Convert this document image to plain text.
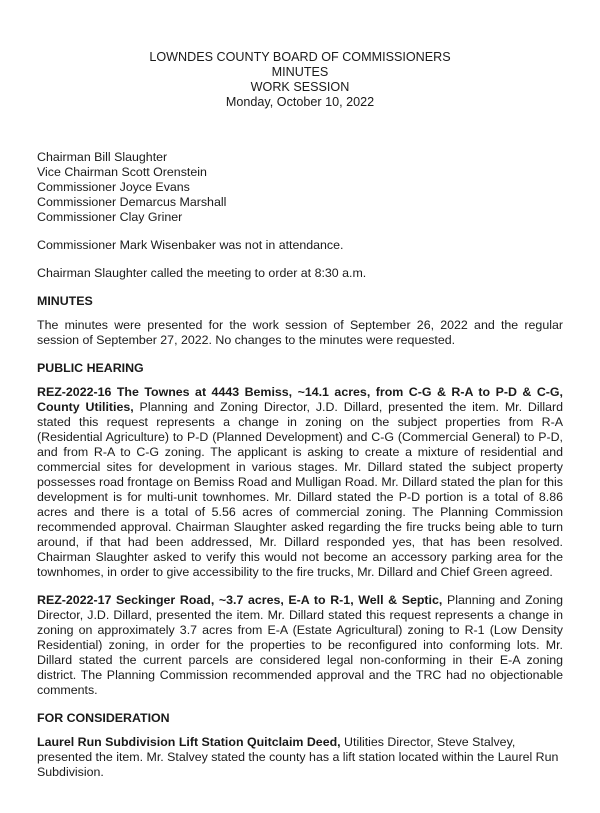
LOWNDES COUNTY BOARD OF COMMISSIONERS
MINUTES
WORK SESSION
Monday, October 10, 2022
Chairman Bill Slaughter
Vice Chairman Scott Orenstein
Commissioner Joyce Evans
Commissioner Demarcus Marshall
Commissioner Clay Griner

Commissioner Mark Wisenbaker was not in attendance.

Chairman Slaughter called the meeting to order at 8:30 a.m.

MINUTES

The minutes were presented for the work session of September 26, 2022 and the regular session of September 27, 2022. No changes to the minutes were requested.

PUBLIC HEARING

REZ-2022-16 The Townes at 4443 Bemiss, ~14.1 acres, from C-G & R-A to P-D & C-G, County Utilities, Planning and Zoning Director, J.D. Dillard, presented the item. Mr. Dillard stated this request represents a change in zoning on the subject properties from R-A (Residential Agriculture) to P-D (Planned Development) and C-G (Commercial General) to P-D, and from R-A to C-G zoning. The applicant is asking to create a mixture of residential and commercial sites for development in various stages. Mr. Dillard stated the subject property possesses road frontage on Bemiss Road and Mulligan Road. Mr. Dillard stated the plan for this development is for multi-unit townhomes. Mr. Dillard stated the P-D portion is a total of 8.86 acres and there is a total of 5.56 acres of commercial zoning. The Planning Commission recommended approval. Chairman Slaughter asked regarding the fire trucks being able to turn around, if that had been addressed, Mr. Dillard responded yes, that has been resolved. Chairman Slaughter asked to verify this would not become an accessory parking area for the townhomes, in order to give accessibility to the fire trucks, Mr. Dillard and Chief Green agreed.

REZ-2022-17 Seckinger Road, ~3.7 acres, E-A to R-1, Well & Septic, Planning and Zoning Director, J.D. Dillard, presented the item. Mr. Dillard stated this request represents a change in zoning on approximately 3.7 acres from E-A (Estate Agricultural) zoning to R-1 (Low Density Residential) zoning, in order for the properties to be reconfigured into conforming lots. Mr. Dillard stated the current parcels are considered legal non-conforming in their E-A zoning district. The Planning Commission recommended approval and the TRC had no objectionable comments.

FOR CONSIDERATION

Laurel Run Subdivision Lift Station Quitclaim Deed, Utilities Director, Steve Stalvey, presented the item. Mr. Stalvey stated the county has a lift station located within the Laurel Run Subdivision.
